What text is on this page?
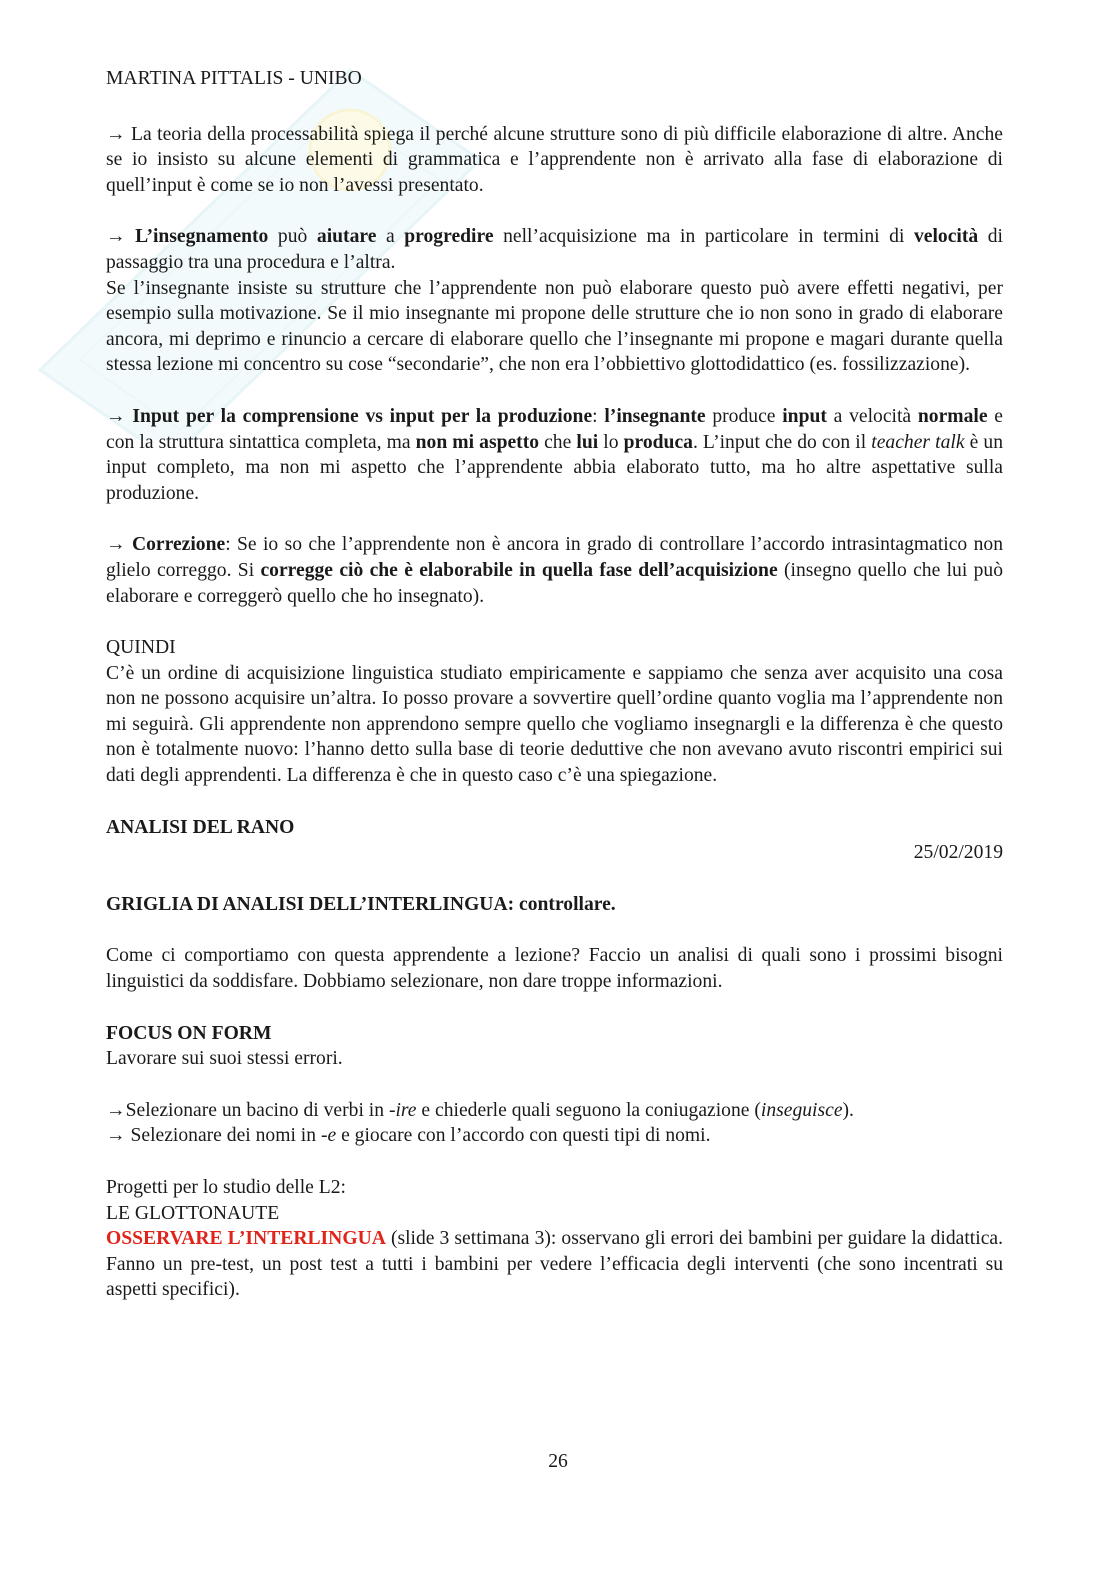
MARTINA PITTALIS - UNIBO

→ La teoria della processabilità spiega il perché alcune strutture sono di più difficile elaborazione di altre. Anche se io insisto su alcune elementi di grammatica e l’apprendente non è arrivato alla fase di elaborazione di quell’input è come se io non l’avessi presentato.

→ L’insegnamento può aiutare a progredire nell’acquisizione ma in particolare in termini di velocità di passaggio tra una procedura e l’altra.

Se l’insegnante insiste su strutture che l’apprendente non può elaborare questo può avere effetti negativi, per esempio sulla motivazione. Se il mio insegnante mi propone delle strutture che io non sono in grado di elaborare ancora, mi deprimo e rinuncio a cercare di elaborare quello che l’insegnante mi propone e magari durante quella stessa lezione mi concentro su cose “secondarie”, che non era l’obbiettivo glottodidattico (es. fossilizzazione).

→ Input per la comprensione vs input per la produzione: l’insegnante produce input a velocità normale e con la struttura sintattica completa, ma non mi aspetto che lui lo produca. L’input che do con il teacher talk è un input completo, ma non mi aspetto che l’apprendente abbia elaborato tutto, ma ho altre aspettative sulla produzione.

→ Correzione: Se io so che l’apprendente non è ancora in grado di controllare l’accordo intrasintagmatico non glielo correggo. Si corregge ciò che è elaborabile in quella fase dell’acquisizione (insegno quello che lui può elaborare e correggerò quello che ho insegnato).

QUINDI

C’è un ordine di acquisizione linguistica studiato empiricamente e sappiamo che senza aver acquisito una cosa non ne possono acquisire un’altra. Io posso provare a sovvertire quell’ordine quanto voglia ma l’apprendente non mi seguirà. Gli apprendente non apprendono sempre quello che vogliamo insegnargli e la differenza è che questo non è totalmente nuovo: l’hanno detto sulla base di teorie deduttive che non avevano avuto riscontri empirici sui dati degli apprendenti. La differenza è che in questo caso c’è una spiegazione.

ANALISI DEL RANO

25/02/2019

GRIGLIA DI ANALISI DELL’INTERLINGUA: controllare.

Come ci comportiamo con questa apprendente a lezione? Faccio un analisi di quali sono i prossimi bisogni linguistici da soddisfare. Dobbiamo selezionare, non dare troppe informazioni.

FOCUS ON FORM

Lavorare sui suoi stessi errori.

→Selezionare un bacino di verbi in -ire e chiederle quali seguono la coniugazione (inseguisce).

→ Selezionare dei nomi in -e e giocare con l’accordo con questi tipi di nomi.

Progetti per lo studio delle L2:

LE GLOTTONAUTE

OSSERVARE L’INTERLINGUA (slide 3 settimana 3): osservano gli errori dei bambini per guidare la didattica. Fanno un pre-test, un post test a tutti i bambini per vedere l’efficacia degli interventi (che sono incentrati su aspetti specifici).

26
